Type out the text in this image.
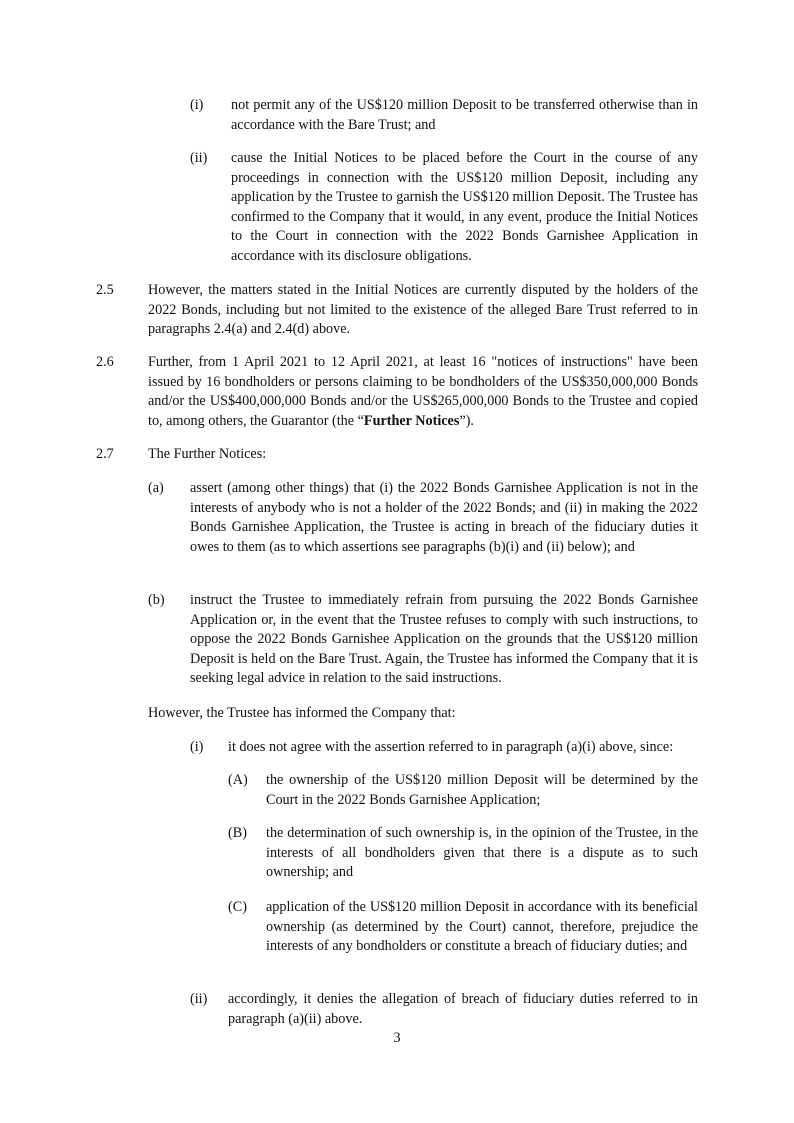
(i) not permit any of the US$120 million Deposit to be transferred otherwise than in accordance with the Bare Trust; and
(ii) cause the Initial Notices to be placed before the Court in the course of any proceedings in connection with the US$120 million Deposit, including any application by the Trustee to garnish the US$120 million Deposit. The Trustee has confirmed to the Company that it would, in any event, produce the Initial Notices to the Court in connection with the 2022 Bonds Garnishee Application in accordance with its disclosure obligations.
2.5 However, the matters stated in the Initial Notices are currently disputed by the holders of the 2022 Bonds, including but not limited to the existence of the alleged Bare Trust referred to in paragraphs 2.4(a) and 2.4(d) above.
2.6 Further, from 1 April 2021 to 12 April 2021, at least 16 "notices of instructions" have been issued by 16 bondholders or persons claiming to be bondholders of the US$350,000,000 Bonds and/or the US$400,000,000 Bonds and/or the US$265,000,000 Bonds to the Trustee and copied to, among others, the Guarantor (the “Further Notices”).
2.7 The Further Notices:
(a) assert (among other things) that (i) the 2022 Bonds Garnishee Application is not in the interests of anybody who is not a holder of the 2022 Bonds; and (ii) in making the 2022 Bonds Garnishee Application, the Trustee is acting in breach of the fiduciary duties it owes to them (as to which assertions see paragraphs (b)(i) and (ii) below); and
(b) instruct the Trustee to immediately refrain from pursuing the 2022 Bonds Garnishee Application or, in the event that the Trustee refuses to comply with such instructions, to oppose the 2022 Bonds Garnishee Application on the grounds that the US$120 million Deposit is held on the Bare Trust. Again, the Trustee has informed the Company that it is seeking legal advice in relation to the said instructions.
However, the Trustee has informed the Company that:
(i) it does not agree with the assertion referred to in paragraph (a)(i) above, since:
(A) the ownership of the US$120 million Deposit will be determined by the Court in the 2022 Bonds Garnishee Application;
(B) the determination of such ownership is, in the opinion of the Trustee, in the interests of all bondholders given that there is a dispute as to such ownership; and
(C) application of the US$120 million Deposit in accordance with its beneficial ownership (as determined by the Court) cannot, therefore, prejudice the interests of any bondholders or constitute a breach of fiduciary duties; and
(ii) accordingly, it denies the allegation of breach of fiduciary duties referred to in paragraph (a)(ii) above.
3
